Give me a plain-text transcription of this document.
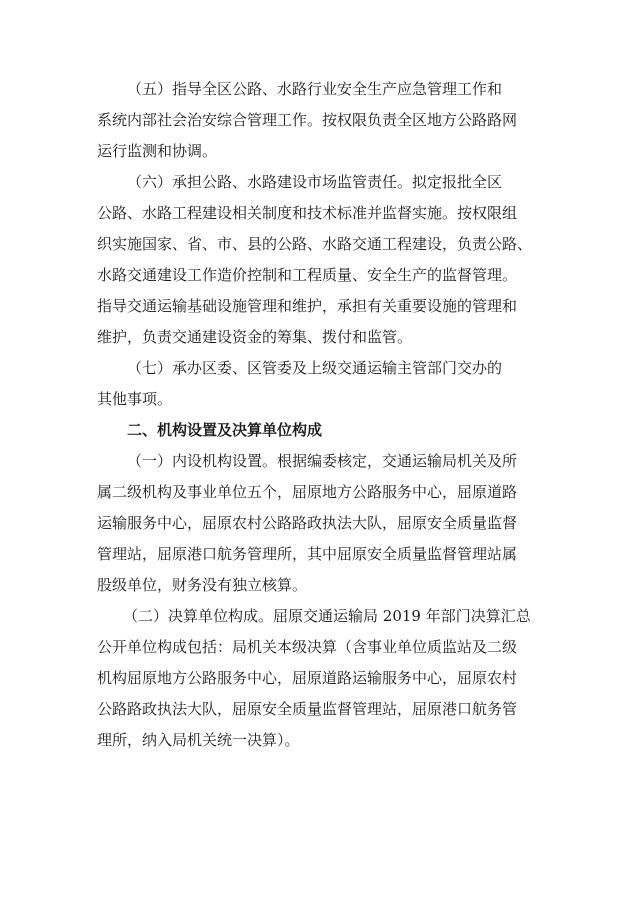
（五）指导全区公路、水路行业安全生产应急管理工作和
系统内部社会治安综合管理工作。按权限负责全区地方公路路网
运行监测和协调。

（六）承担公路、水路建设市场监管责任。拟定报批全区
公路、水路工程建设相关制度和技术标准并监督实施。按权限组
织实施国家、省、市、县的公路、水路交通工程建设，负责公路、
水路交通建设工作造价控制和工程质量、安全生产的监督管理。
指导交通运输基础设施管理和维护，承担有关重要设施的管理和
维护，负责交通建设资金的筹集、拨付和监管。

（七）承办区委、区管委及上级交通运输主管部门交办的
其他事项。

二、机构设置及决算单位构成

（一）内设机构设置。根据编委核定，交通运输局机关及所
属二级机构及事业单位五个，屈原地方公路服务中心，屈原道路
运输服务中心，屈原农村公路路政执法大队，屈原安全质量监督
管理站，屈原港口航务管理所，其中屈原安全质量监督管理站属
股级单位，财务没有独立核算。

（二）决算单位构成。屈原交通运输局 2019 年部门决算汇总
公开单位构成包括：局机关本级决算（含事业单位质监站及二级
机构屈原地方公路服务中心，屈原道路运输服务中心，屈原农村
公路路政执法大队，屈原安全质量监督管理站，屈原港口航务管
理所，纳入局机关统一决算）。
